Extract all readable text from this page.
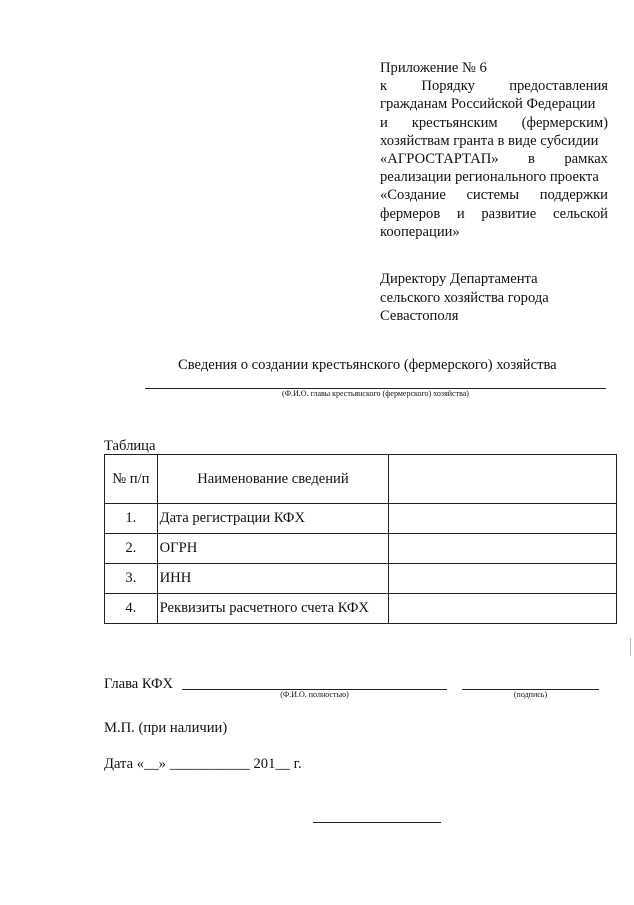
Приложение № 6
к Порядку предоставления
гражданам Российской Федерации
и крестьянским (фермерским)
хозяйствам гранта в виде субсидии
«АГРОСТАРТАП» в рамках
реализации регионального проекта
«Создание системы поддержки
фермеров и развитие сельской
кооперации»
Директору Департамента
сельского хозяйства города
Севастополя
Сведения о создании крестьянского (фермерского) хозяйства
(Ф.И.О. главы крестьянского (фермерского) хозяйства)
Таблица
№ п/п	Наименование сведений	
1.	Дата регистрации КФХ	
2.	ОГРН	
3.	ИНН	
4.	Реквизиты расчетного счета КФХ	
Глава КФХ
(Ф.И.О. полностью)	(подпись)
М.П. (при наличии)
Дата «__» ___________ 201__ г.
